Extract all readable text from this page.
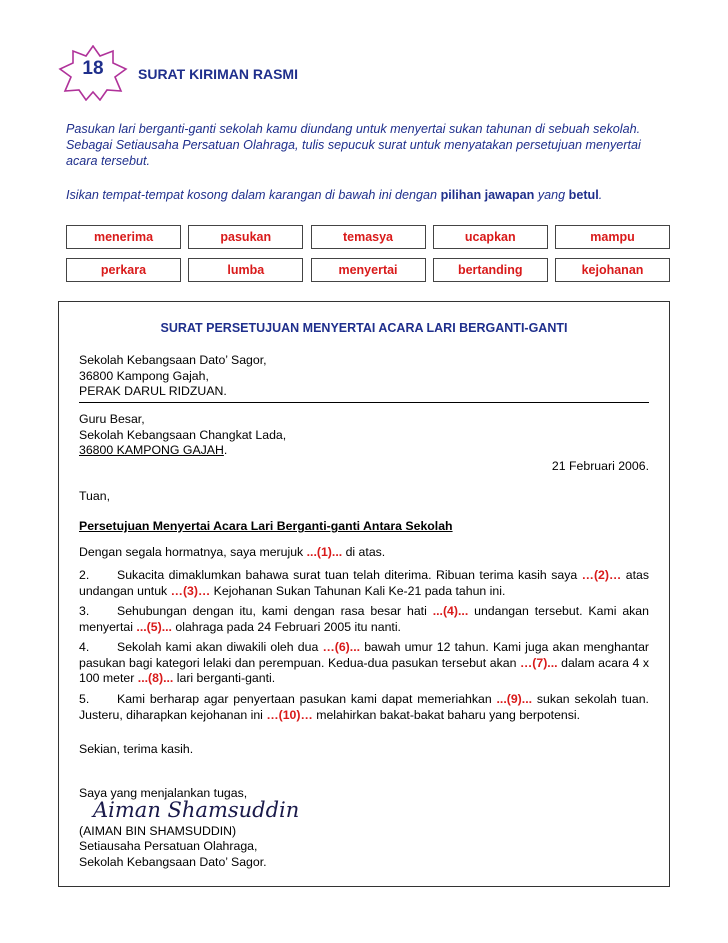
18	SURAT KIRIMAN RASMI
Pasukan lari berganti-ganti sekolah kamu diundang untuk menyertai sukan tahunan di sebuah sekolah. Sebagai Setiausaha Persatuan Olahraga, tulis sepucuk surat untuk menyatakan persetujuan menyertai acara tersebut.
Isikan tempat-tempat kosong dalam karangan di bawah ini dengan pilihan jawapan yang betul.
menerima	pasukan	temasya	ucapkan	mampu
perkara	lumba	menyertai	bertanding	kejohanan
SURAT PERSETUJUAN MENYERTAI ACARA LARI BERGANTI-GANTI
Sekolah Kebangsaan Dato’ Sagor,
36800 Kampong Gajah,
PERAK DARUL RIDZUAN.
Guru Besar,
Sekolah Kebangsaan Changkat Lada,
36800 KAMPONG GAJAH.
21 Februari 2006.
Tuan,
Persetujuan Menyertai Acara Lari Berganti-ganti Antara Sekolah
Dengan segala hormatnya, saya merujuk ...(1)... di atas.
2. Sukacita dimaklumkan bahawa surat tuan telah diterima. Ribuan terima kasih saya …(2)… atas undangan untuk …(3)… Kejohanan Sukan Tahunan Kali Ke-21 pada tahun ini.
3. Sehubungan dengan itu, kami dengan rasa besar hati ...(4)... undangan tersebut. Kami akan menyertai ...(5)... olahraga pada 24 Februari 2005 itu nanti.
4. Sekolah kami akan diwakili oleh dua …(6)... bawah umur 12 tahun. Kami juga akan menghantar pasukan bagi kategori lelaki dan perempuan. Kedua-dua pasukan tersebut akan …(7)... dalam acara 4 x 100 meter ...(8)... lari berganti-ganti.
5. Kami berharap agar penyertaan pasukan kami dapat memeriahkan ...(9)... sukan sekolah tuan. Justeru, diharapkan kejohanan ini …(10)… melahirkan bakat-bakat baharu yang berpotensi.
Sekian, terima kasih.
Saya yang menjalankan tugas,
Aiman Shamsuddin
(AIMAN BIN SHAMSUDDIN)
Setiausaha Persatuan Olahraga,
Sekolah Kebangsaan Dato’ Sagor.
